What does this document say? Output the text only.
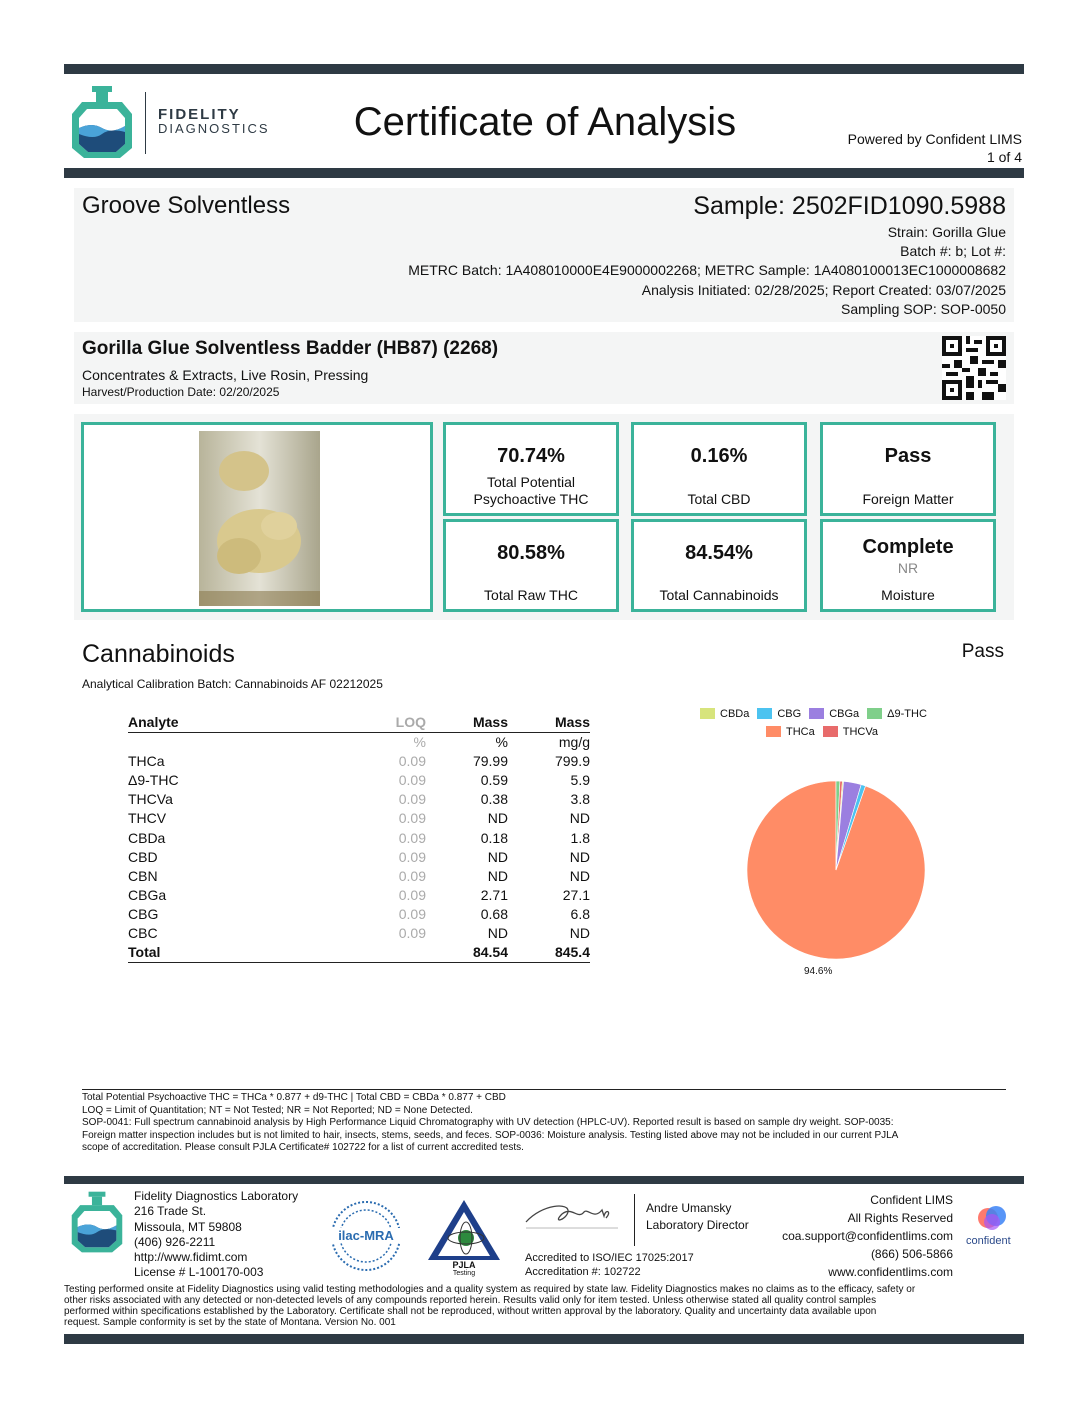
FIDELITY
DIAGNOSTICS	Certificate of Analysis	Powered by Confident LIMS
1 of 4
Groove Solventless	Sample: 2502FID1090.5988
Strain: Gorilla Glue
Batch #: b; Lot #:
METRC Batch: 1A408010000E4E9000002268; METRC Sample: 1A4080100013EC1000008682
Analysis Initiated: 02/28/2025; Report Created: 03/07/2025
Sampling SOP: SOP-0050
Gorilla Glue Solventless Badder (HB87) (2268)
Concentrates & Extracts, Live Rosin, Pressing
Harvest/Production Date: 02/20/2025
70.74%
Total Potential Psychoactive THC
0.16%
Total CBD
Pass
Foreign Matter
80.58%
Total Raw THC
84.54%
Total Cannabinoids
Complete
NR
Moisture
Cannabinoids	Pass
Analytical Calibration Batch: Cannabinoids AF 02212025
Analyte	LOQ	Mass	Mass
	%	%	mg/g
THCa	0.09	79.99	799.9
Δ9-THC	0.09	0.59	5.9
THCVa	0.09	0.38	3.8
THCV	0.09	ND	ND
CBDa	0.09	0.18	1.8
CBD	0.09	ND	ND
CBN	0.09	ND	ND
CBGa	0.09	2.71	27.1
CBG	0.09	0.68	6.8
CBC	0.09	ND	ND
Total		84.54	845.4
CBDa	CBG	CBGa	Δ9-THC
THCa	THCVa
94.6%
Total Potential Psychoactive THC = THCa * 0.877 + d9-THC | Total CBD = CBDa * 0.877 + CBD
LOQ = Limit of Quantitation; NT = Not Tested; NR = Not Reported; ND = None Detected.
SOP-0041: Full spectrum cannabinoid analysis by High Performance Liquid Chromatography with UV detection (HPLC-UV). Reported result is based on sample dry weight. SOP-0035:
Foreign matter inspection includes but is not limited to hair, insects, stems, seeds, and feces. SOP-0036: Moisture analysis. Testing listed above may not be included in our current PJLA
scope of accreditation. Please consult PJLA Certificate# 102722 for a list of current accredited tests.
Fidelity Diagnostics Laboratory
216 Trade St.
Missoula, MT 59808
(406) 926-2211
http://www.fidimt.com
License # L-100170-003
ilac-MRA
PJLA
Testing
Andre Umansky
Laboratory Director
Accredited to ISO/IEC 17025:2017
Accreditation #: 102722
Confident LIMS
All Rights Reserved
coa.support@confidentlims.com
(866) 506-5866
www.confidentlims.com
confident
Testing performed onsite at Fidelity Diagnostics using valid testing methodologies and a quality system as required by state law. Fidelity Diagnostics makes no claims as to the efficacy, safety or
other risks associated with any detected or non-detected levels of any compounds reported herein. Results valid only for item tested. Unless otherwise stated all quality control samples
performed within specifications established by the Laboratory. Certificate shall not be reproduced, without written approval by the laboratory. Quality and uncertainty data available upon
request. Sample conformity is set by the state of Montana. Version No. 001
